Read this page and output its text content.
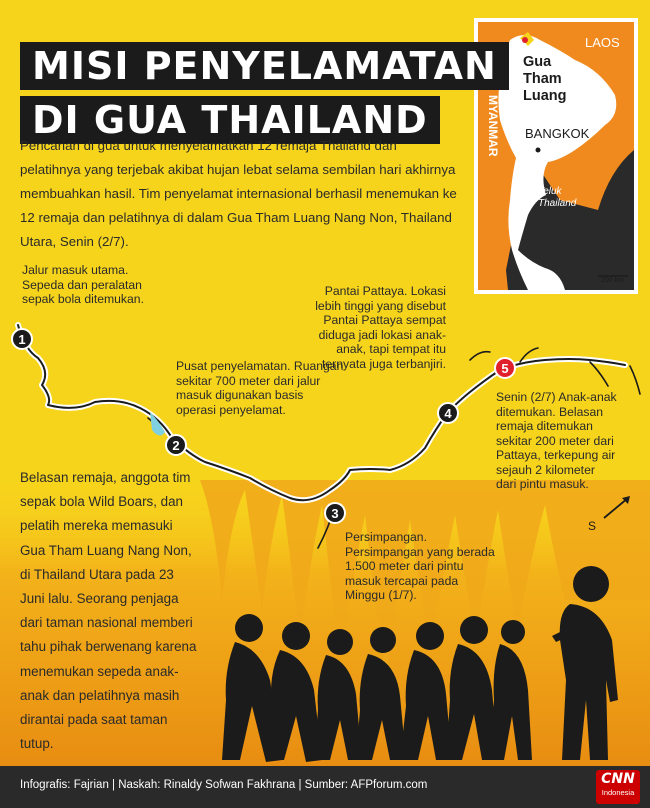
MISI PENYELAMATAN
DI GUA THAILAND
Pencarian di gua untuk menyelamatkan 12 remaja Thailand dan pelatihnya yang terjebak akibat hujan lebat selama sembilan hari akhirnya membuahkan hasil. Tim penyelamat internasional berhasil menemukan ke 12 remaja dan pelatihnya di dalam Gua Tham Luang Nang Non, Thailand Utara, Senin (2/7).
LAOS
MYANMAR
Gua
Tham
Luang
BANGKOK
Teluk
Thailand
200 km
1
2
3
4
5
Jalur masuk utama. Sepeda dan peralatan sepak bola ditemukan.
Pusat penyelamatan. Ruangan sekitar 700 meter dari jalur masuk digunakan basis operasi penyelamat.
Persimpangan. Persimpangan yang berada 1.500 meter dari pintu masuk tercapai pada Minggu (1/7).
Pantai Pattaya. Lokasi lebih tinggi yang disebut Pantai Pattaya sempat diduga jadi lokasi anak-anak, tapi tempat itu ternyata juga terbanjiri.
Senin (2/7) Anak-anak ditemukan. Belasan remaja ditemukan sekitar 200 meter dari Pattaya, terkepung air sejauh 2 kilometer dari pintu masuk.
S
Belasan remaja, anggota tim sepak bola Wild Boars, dan pelatih mereka memasuki Gua Tham Luang Nang Non, di Thailand Utara pada 23 Juni lalu. Seorang penjaga dari taman nasional memberi tahu pihak berwenang karena menemukan sepeda anak-anak dan pelatihnya masih dirantai pada saat taman tutup.
Infografis: Fajrian | Naskah: Rinaldy Sofwan Fakhrana | Sumber: AFPforum.com	CNN
Indonesia
